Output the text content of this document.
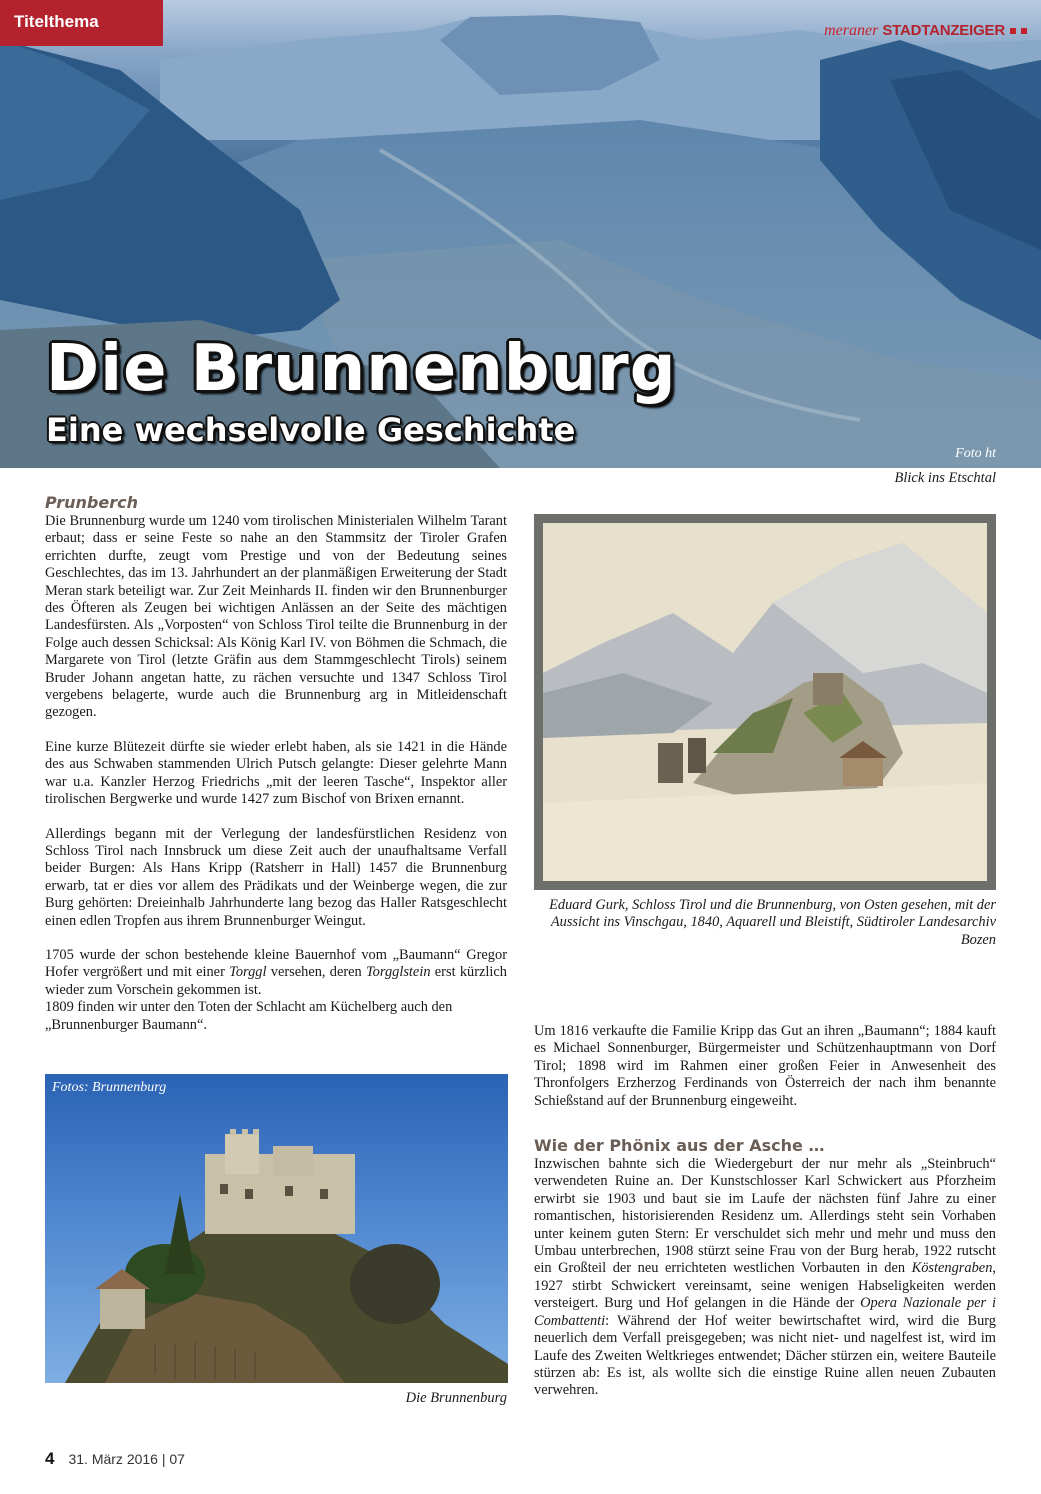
Titelthema	meraner STADTANZEIGER
Die Brunnenburg
Eine wechselvolle Geschichte
Foto ht
Blick ins Etschtal
Prunberch

Die Brunnenburg wurde um 1240 vom tirolischen Ministerialen Wilhelm Tarant erbaut; dass er seine Feste so nahe an den Stammsitz der Tiroler Grafen errichten durfte, zeugt vom Prestige und von der Bedeutung seines Geschlechtes, das im 13. Jahrhundert an der planmäßigen Erweiterung der Stadt Meran stark beteiligt war. Zur Zeit Meinhards II. finden wir den Brunnenburger des Öfteren als Zeugen bei wichtigen Anlässen an der Seite des mächtigen Landesfürsten. Als „Vorposten“ von Schloss Tirol teilte die Brunnenburg in der Folge auch dessen Schicksal: Als König Karl IV. von Böhmen die Schmach, die Margarete von Tirol (letzte Gräfin aus dem Stammgeschlecht Tirols) seinem Bruder Johann angetan hatte, zu rächen versuchte und 1347 Schloss Tirol vergebens belagerte, wurde auch die Brunnenburg arg in Mitleidenschaft gezogen.

Eine kurze Blütezeit dürfte sie wieder erlebt haben, als sie 1421 in die Hände des aus Schwaben stammenden Ulrich Putsch gelangte: Dieser gelehrte Mann war u.a. Kanzler Herzog Friedrichs „mit der leeren Tasche“, Inspektor aller tirolischen Bergwerke und wurde 1427 zum Bischof von Brixen ernannt.

Allerdings begann mit der Verlegung der landesfürstlichen Residenz von Schloss Tirol nach Innsbruck um diese Zeit auch der unaufhaltsame Verfall beider Burgen: Als Hans Kripp (Ratsherr in Hall) 1457 die Brunnenburg erwarb, tat er dies vor allem des Prädikats und der Weinberge wegen, die zur Burg gehörten: Dreieinhalb Jahrhunderte lang bezog das Haller Ratsgeschlecht einen edlen Tropfen aus ihrem Brunnenburger Weingut.

1705 wurde der schon bestehende kleine Bauernhof vom „Baumann“ Gregor Hofer vergrößert und mit einer Torggl versehen, deren Torgglstein erst kürzlich wieder zum Vorschein gekommen ist.

1809 finden wir unter den Toten der Schlacht am Küchelberg auch den „Brunnenburger Baumann“.

Fotos: Brunnenburg
Die Brunnenburg
Eduard Gurk, Schloss Tirol und die Brunnenburg, von Osten gesehen, mit der Aussicht ins Vinschgau, 1840, Aquarell und Bleistift, Südtiroler Landesarchiv Bozen

Um 1816 verkaufte die Familie Kripp das Gut an ihren „Baumann“; 1884 kauft es Michael Sonnenburger, Bürgermeister und Schützenhauptmann von Dorf Tirol; 1898 wird im Rahmen einer großen Feier in Anwesenheit des Thronfolgers Erzherzog Ferdinands von Österreich der nach ihm benannte Schießstand auf der Brunnenburg eingeweiht.

Wie der Phönix aus der Asche …

Inzwischen bahnte sich die Wiedergeburt der nur mehr als „Steinbruch“ verwendeten Ruine an. Der Kunstschlosser Karl Schwickert aus Pforzheim erwirbt sie 1903 und baut sie im Laufe der nächsten fünf Jahre zu einer romantischen, historisierenden Residenz um. Allerdings steht sein Vorhaben unter keinem guten Stern: Er verschuldet sich mehr und mehr und muss den Umbau unterbrechen, 1908 stürzt seine Frau von der Burg herab, 1922 rutscht ein Großteil der neu errichteten westlichen Vorbauten in den Köstengraben, 1927 stirbt Schwickert vereinsamt, seine wenigen Habseligkeiten werden versteigert. Burg und Hof gelangen in die Hände der Opera Nazionale per i Combattenti: Während der Hof weiter bewirtschaftet wird, wird die Burg neuerlich dem Verfall preisgegeben; was nicht niet- und nagelfest ist, wird im Laufe des Zweiten Weltkrieges entwendet; Dächer stürzen ein, weitere Bauteile stürzen ab: Es ist, als wollte sich die einstige Ruine allen neuen Zubauten verwehren.

4 31. März 2016 | 07
